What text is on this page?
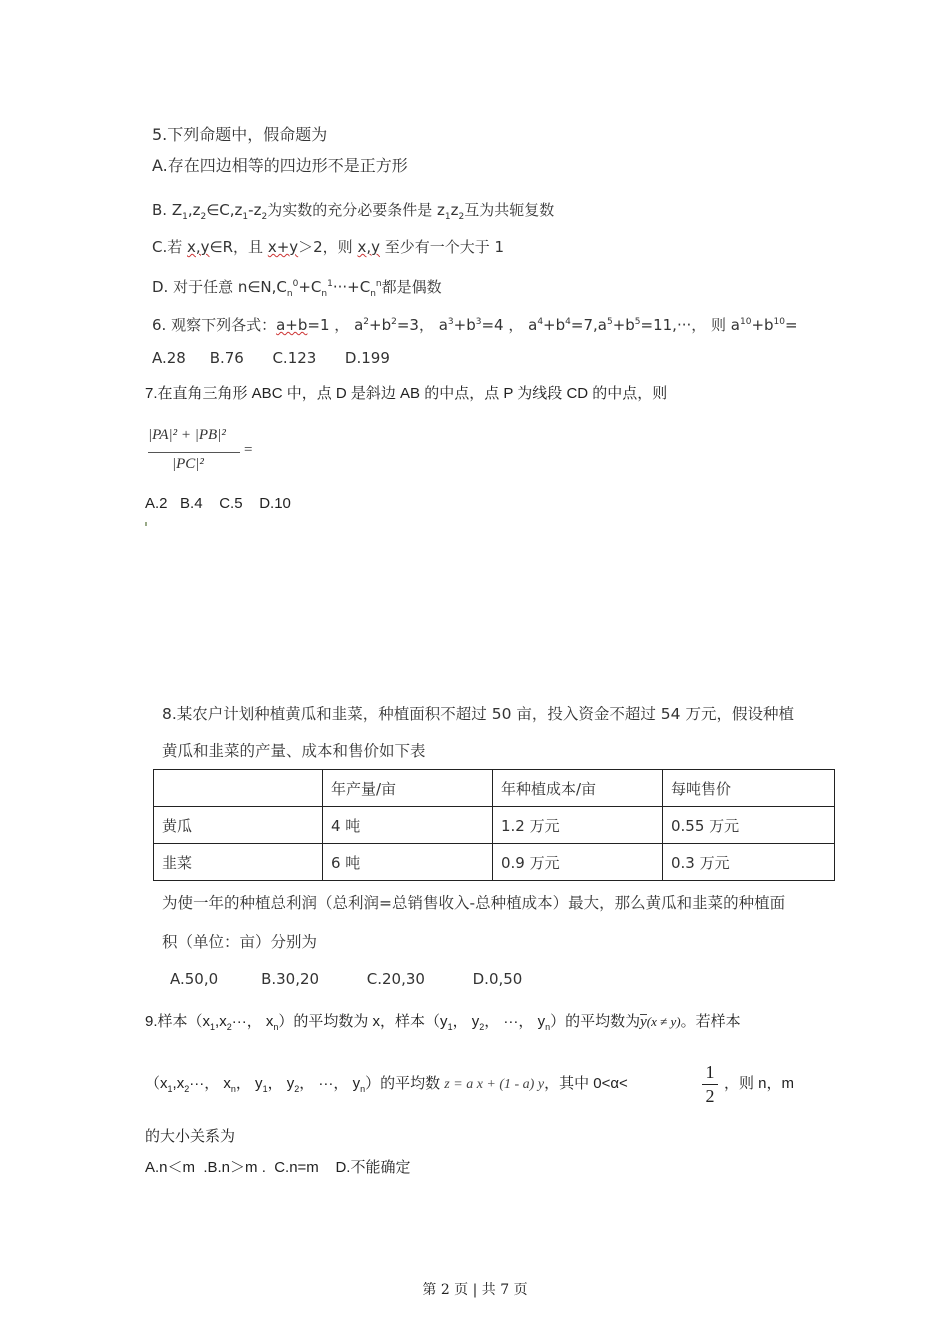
5.下列命题中，假命题为
A.存在四边相等的四边形不是正方形
B. $Z_1,z_2\in C,z_1-z_2$为实数的充分必要条件是 $z_1z_2$互为共轭复数
C.若 x,y∈R，且 x+y＞2，则 x,y 至少有一个大于 1
D. 对于任意 $n\in N,C_n^0+C_n^1\cdot\cdot\cdot+C_n^n$都是偶数
6. 观察下列各式：a+b=1 ， $a^2+b^2=3$， $a^3+b^3=4$ ， $a^4+b^4=7,a^5+b^5=11,\cdot\cdot\cdot$， 则 $a^{10}+b^{10}=$
A.28     B.76      C.123      D.199
7.在直角三角形 ABC 中，点 D 是斜边 AB 的中点，点 P 为线段 CD 的中点，则
|PA|² + |PB|²
|PC|²
=
A.2   B.4    C.5    D.10
8.某农户计划种植黄瓜和韭菜，种植面积不超过 50 亩，投入资金不超过 54 万元，假设种植
黄瓜和韭菜的产量、成本和售价如下表
	年产量/亩	年种植成本/亩	每吨售价
黄瓜	4 吨	1.2 万元	0.55 万元
韭菜	6 吨	0.9 万元	0.3 万元
为使一年的种植总利润（总利润=总销售收入-总种植成本）最大，那么黄瓜和韭菜的种植面
积（单位：亩）分别为
A.50,0         B.30,20          C.20,30          D.0,50
9.样本（$x_1,x_2\cdot\cdot\cdot$， $x_n$）的平均数为 x，样本（$y_1$， $y_2$， ···， $y_n$）的平均数为y(x ≠ y)。若样本
（$x_1,x_2\cdot\cdot\cdot$， $x_n$， $y_1$， $y_2$， ···， $y_n$）的平均数 z = a x + (1 - a) y，其中 0<α<
1
2
，则 n，m
的大小关系为
A.n＜m  .B.n＞m .  C.n=m    D.不能确定
第 2 页 | 共 7 页
